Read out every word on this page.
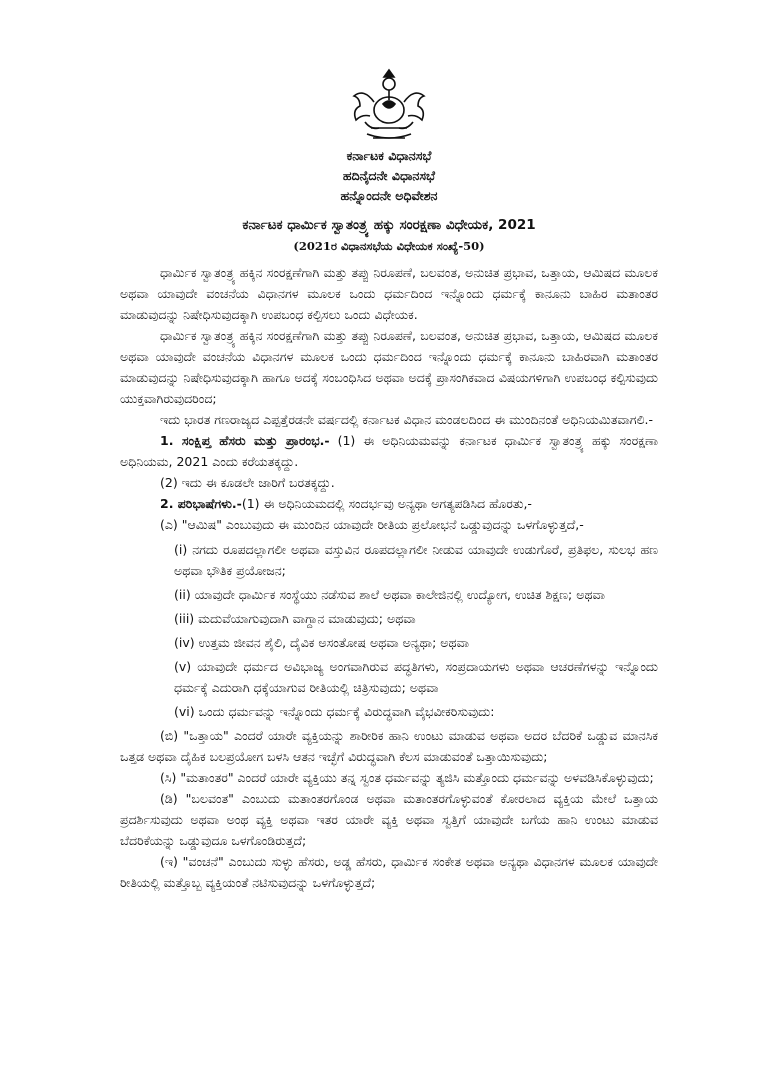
ಕರ್ನಾಟಕ ವಿಧಾನಸಭೆ
ಹದಿನೈದನೇ ವಿಧಾನಸಭೆ
ಹನ್ನೊಂದನೇ ಅಧಿವೇಶನ
ಕರ್ನಾಟಕ ಧಾರ್ಮಿಕ ಸ್ವಾತಂತ್ರ್ಯ ಹಕ್ಕು ಸಂರಕ್ಷಣಾ ವಿಧೇಯಕ, 2021
(2021ರ ವಿಧಾನಸಭೆಯ ವಿಧೇಯಕ ಸಂಖ್ಯೆ-50)

ಧಾರ್ಮಿಕ ಸ್ವಾತಂತ್ರ್ಯ ಹಕ್ಕಿನ ಸಂರಕ್ಷಣೆಗಾಗಿ ಮತ್ತು ತಪ್ಪು ನಿರೂಪಣೆ, ಬಲವಂತ, ಅನುಚಿತ ಪ್ರಭಾವ, ಒತ್ತಾಯ, ಆಮಿಷದ ಮೂಲಕ ಅಥವಾ ಯಾವುದೇ ವಂಚನೆಯ ವಿಧಾನಗಳ ಮೂಲಕ ಒಂದು ಧರ್ಮದಿಂದ ಇನ್ನೊಂದು ಧರ್ಮಕ್ಕೆ ಕಾನೂನು ಬಾಹಿರ ಮತಾಂತರ ಮಾಡುವುದನ್ನು ನಿಷೇಧಿಸುವುದಕ್ಕಾಗಿ ಉಪಬಂಧ ಕಲ್ಪಿಸಲು ಒಂದು ವಿಧೇಯಕ.

ಧಾರ್ಮಿಕ ಸ್ವಾತಂತ್ರ್ಯ ಹಕ್ಕಿನ ಸಂರಕ್ಷಣೆಗಾಗಿ ಮತ್ತು ತಪ್ಪು ನಿರೂಪಣೆ, ಬಲವಂತ, ಅನುಚಿತ ಪ್ರಭಾವ, ಒತ್ತಾಯ, ಆಮಿಷದ ಮೂಲಕ ಅಥವಾ ಯಾವುದೇ ವಂಚನೆಯ ವಿಧಾನಗಳ ಮೂಲಕ ಒಂದು ಧರ್ಮದಿಂದ ಇನ್ನೊಂದು ಧರ್ಮಕ್ಕೆ ಕಾನೂನು ಬಾಹಿರವಾಗಿ ಮತಾಂತರ ಮಾಡುವುದನ್ನು ನಿಷೇಧಿಸುವುದಕ್ಕಾಗಿ ಹಾಗೂ ಅದಕ್ಕೆ ಸಂಬಂಧಿಸಿದ ಅಥವಾ ಅದಕ್ಕೆ ಪ್ರಾಸಂಗಿಕವಾದ ವಿಷಯಗಳಿಗಾಗಿ ಉಪಬಂಧ ಕಲ್ಪಿಸುವುದು ಯುಕ್ತವಾಗಿರುವುದರಿಂದ;

ಇದು ಭಾರತ ಗಣರಾಜ್ಯದ ಎಪ್ಪತ್ತೆರಡನೇ ವರ್ಷದಲ್ಲಿ ಕರ್ನಾಟಕ ವಿಧಾನ ಮಂಡಲದಿಂದ ಈ ಮುಂದಿನಂತೆ ಅಧಿನಿಯಮಿತವಾಗಲಿ.-

1. ಸಂಕ್ಷಿಪ್ತ ಹೆಸರು ಮತ್ತು ಪ್ರಾರಂಭ.- (1) ಈ ಅಧಿನಿಯಮವನ್ನು ಕರ್ನಾಟಕ ಧಾರ್ಮಿಕ ಸ್ವಾತಂತ್ರ್ಯ ಹಕ್ಕು ಸಂರಕ್ಷಣಾ ಅಧಿನಿಯಮ, 2021 ಎಂದು ಕರೆಯತಕ್ಕದ್ದು.

(2) ಇದು ಈ ಕೂಡಲೇ ಜಾರಿಗೆ ಬರತಕ್ಕದ್ದು.

2. ಪರಿಭಾಷೆಗಳು.-(1) ಈ ಅಧಿನಿಯಮದಲ್ಲಿ ಸಂದರ್ಭವು ಅನ್ಯಥಾ ಅಗತ್ಯಪಡಿಸಿದ ಹೊರತು,-

(ಎ) "ಆಮಿಷ" ಎಂಬುವುದು ಈ ಮುಂದಿನ ಯಾವುದೇ ರೀತಿಯ ಪ್ರಲೋಭನೆ ಒಡ್ಡುವುದನ್ನು ಒಳಗೊಳ್ಳುತ್ತದೆ,-

(i) ನಗದು ರೂಪದಲ್ಲಾಗಲೀ ಅಥವಾ ವಸ್ತುವಿನ ರೂಪದಲ್ಲಾಗಲೀ ನೀಡುವ ಯಾವುದೇ ಉಡುಗೊರೆ, ಪ್ರತಿಫಲ, ಸುಲಭ ಹಣ ಅಥವಾ ಭೌತಿಕ ಪ್ರಯೋಜನ;

(ii) ಯಾವುದೇ ಧಾರ್ಮಿಕ ಸಂಸ್ಥೆಯು ನಡೆಸುವ ಶಾಲೆ ಅಥವಾ ಕಾಲೇಜಿನಲ್ಲಿ ಉದ್ಯೋಗ, ಉಚಿತ ಶಿಕ್ಷಣ; ಅಥವಾ

(iii) ಮದುವೆಯಾಗುವುದಾಗಿ ವಾಗ್ದಾನ ಮಾಡುವುದು; ಅಥವಾ

(iv) ಉತ್ತಮ ಜೀವನ ಶೈಲಿ, ದೈವಿಕ ಅಸಂತೋಷ ಅಥವಾ ಅನ್ಯಥಾ; ಅಥವಾ

(v) ಯಾವುದೇ ಧರ್ಮದ ಅವಿಭಾಜ್ಯ ಅಂಗವಾಗಿರುವ ಪದ್ಧತಿಗಳು, ಸಂಪ್ರದಾಯಗಳು ಅಥವಾ ಆಚರಣೆಗಳನ್ನು ಇನ್ನೊಂದು ಧರ್ಮಕ್ಕೆ ಎದುರಾಗಿ ಧಕ್ಕೆಯಾಗುವ ರೀತಿಯಲ್ಲಿ ಚಿತ್ರಿಸುವುದು; ಅಥವಾ

(vi) ಒಂದು ಧರ್ಮವನ್ನು ಇನ್ನೊಂದು ಧರ್ಮಕ್ಕೆ ವಿರುದ್ಧವಾಗಿ ವೈಭವೀಕರಿಸುವುದು:

(ಬಿ) "ಒತ್ತಾಯ" ಎಂದರೆ ಯಾರೇ ವ್ಯಕ್ತಿಯನ್ನು ಶಾರೀರಿಕ ಹಾನಿ ಉಂಟು ಮಾಡುವ ಅಥವಾ ಅದರ ಬೆದರಿಕೆ ಒಡ್ಡುವ ಮಾನಸಿಕ ಒತ್ತಡ ಅಥವಾ ದೈಹಿಕ ಬಲಪ್ರಯೋಗ ಬಳಸಿ ಆತನ ಇಚ್ಛೆಗೆ ವಿರುದ್ಧವಾಗಿ ಕೆಲಸ ಮಾಡುವಂತೆ ಒತ್ತಾಯಿಸುವುದು;

(ಸಿ) "ಮತಾಂತರ" ಎಂದರೆ ಯಾರೇ ವ್ಯಕ್ತಿಯು ತನ್ನ ಸ್ವಂತ ಧರ್ಮವನ್ನು ತ್ಯಜಿಸಿ ಮತ್ತೊಂದು ಧರ್ಮವನ್ನು ಅಳವಡಿಸಿಕೊಳ್ಳುವುದು;

(ಡಿ) "ಬಲವಂತ" ಎಂಬುದು ಮತಾಂತರಗೊಂಡ ಅಥವಾ ಮತಾಂತರಗೊಳ್ಳುವಂತೆ ಕೋರಲಾದ ವ್ಯಕ್ತಿಯ ಮೇಲೆ ಒತ್ತಾಯ ಪ್ರದರ್ಶಿಸುವುದು ಅಥವಾ ಅಂಥ ವ್ಯಕ್ತಿ ಅಥವಾ ಇತರ ಯಾರೇ ವ್ಯಕ್ತಿ ಅಥವಾ ಸ್ವತ್ತಿಗೆ ಯಾವುದೇ ಬಗೆಯ ಹಾನಿ ಉಂಟು ಮಾಡುವ ಬೆದರಿಕೆಯನ್ನು ಒಡ್ಡುವುದೂ ಒಳಗೊಂಡಿರುತ್ತದೆ;

(ಇ) "ವಂಚನೆ" ಎಂಬುದು ಸುಳ್ಳು ಹೆಸರು, ಅಡ್ಡ ಹೆಸರು, ಧಾರ್ಮಿಕ ಸಂಕೇತ ಅಥವಾ ಅನ್ಯಥಾ ವಿಧಾನಗಳ ಮೂಲಕ ಯಾವುದೇ ರೀತಿಯಲ್ಲಿ ಮತ್ತೊಬ್ಬ ವ್ಯಕ್ತಿಯಂತೆ ನಟಿಸುವುದನ್ನು ಒಳಗೊಳ್ಳುತ್ತದೆ;
